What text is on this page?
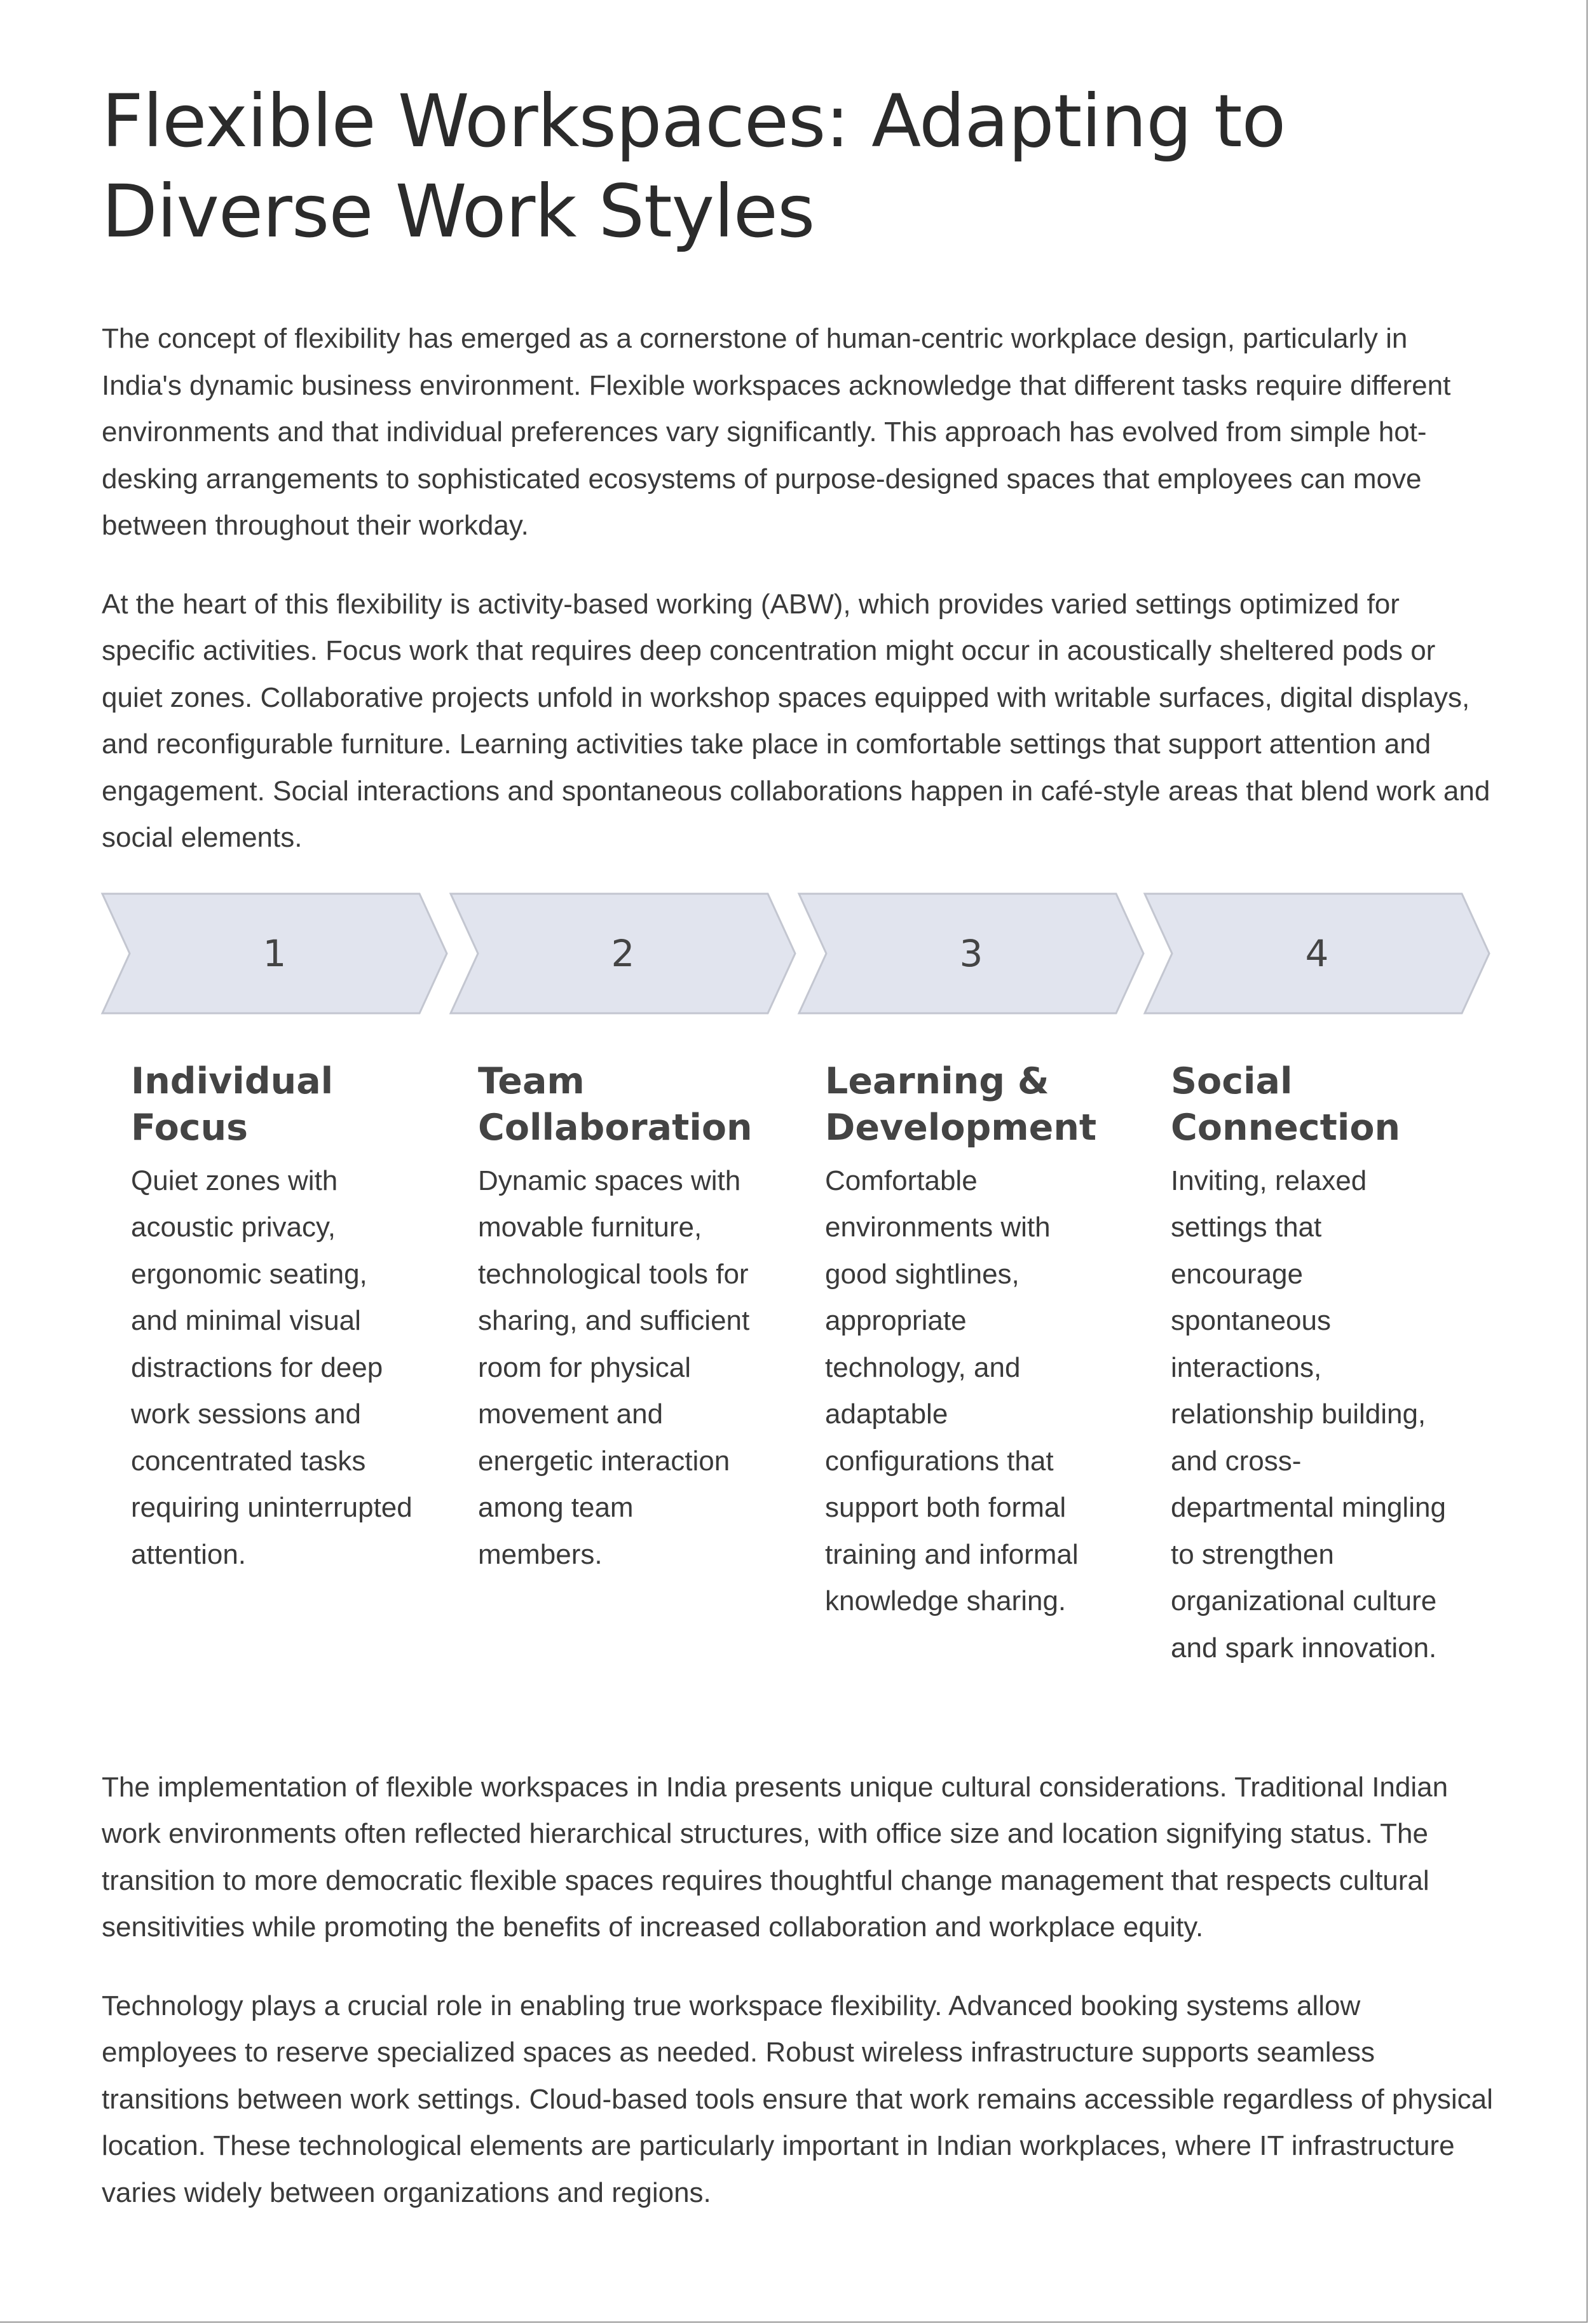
Flexible Workspaces: Adapting to Diverse Work Styles

The concept of flexibility has emerged as a cornerstone of human-centric workplace design, particularly in India's dynamic business environment. Flexible workspaces acknowledge that different tasks require different environments and that individual preferences vary significantly. This approach has evolved from simple hot-desking arrangements to sophisticated ecosystems of purpose-designed spaces that employees can move between throughout their workday.

At the heart of this flexibility is activity-based working (ABW), which provides varied settings optimized for specific activities. Focus work that requires deep concentration might occur in acoustically sheltered pods or quiet zones. Collaborative projects unfold in workshop spaces equipped with writable surfaces, digital displays, and reconfigurable furniture. Learning activities take place in comfortable settings that support attention and engagement. Social interactions and spontaneous collaborations happen in café-style areas that blend work and social elements.

1	2	3	4
Individual Focus

Quiet zones with acoustic privacy, ergonomic seating, and minimal visual distractions for deep work sessions and concentrated tasks requiring uninterrupted attention.

Team Collaboration

Dynamic spaces with movable furniture, technological tools for sharing, and sufficient room for physical movement and energetic interaction among team members.

Learning & Development

Comfortable environments with good sightlines, appropriate technology, and adaptable configurations that support both formal training and informal knowledge sharing.

Social Connection

Inviting, relaxed settings that encourage spontaneous interactions, relationship building, and cross-departmental mingling to strengthen organizational culture and spark innovation.

The implementation of flexible workspaces in India presents unique cultural considerations. Traditional Indian work environments often reflected hierarchical structures, with office size and location signifying status. The transition to more democratic flexible spaces requires thoughtful change management that respects cultural sensitivities while promoting the benefits of increased collaboration and workplace equity.

Technology plays a crucial role in enabling true workspace flexibility. Advanced booking systems allow employees to reserve specialized spaces as needed. Robust wireless infrastructure supports seamless transitions between work settings. Cloud-based tools ensure that work remains accessible regardless of physical location. These technological elements are particularly important in Indian workplaces, where IT infrastructure varies widely between organizations and regions.
